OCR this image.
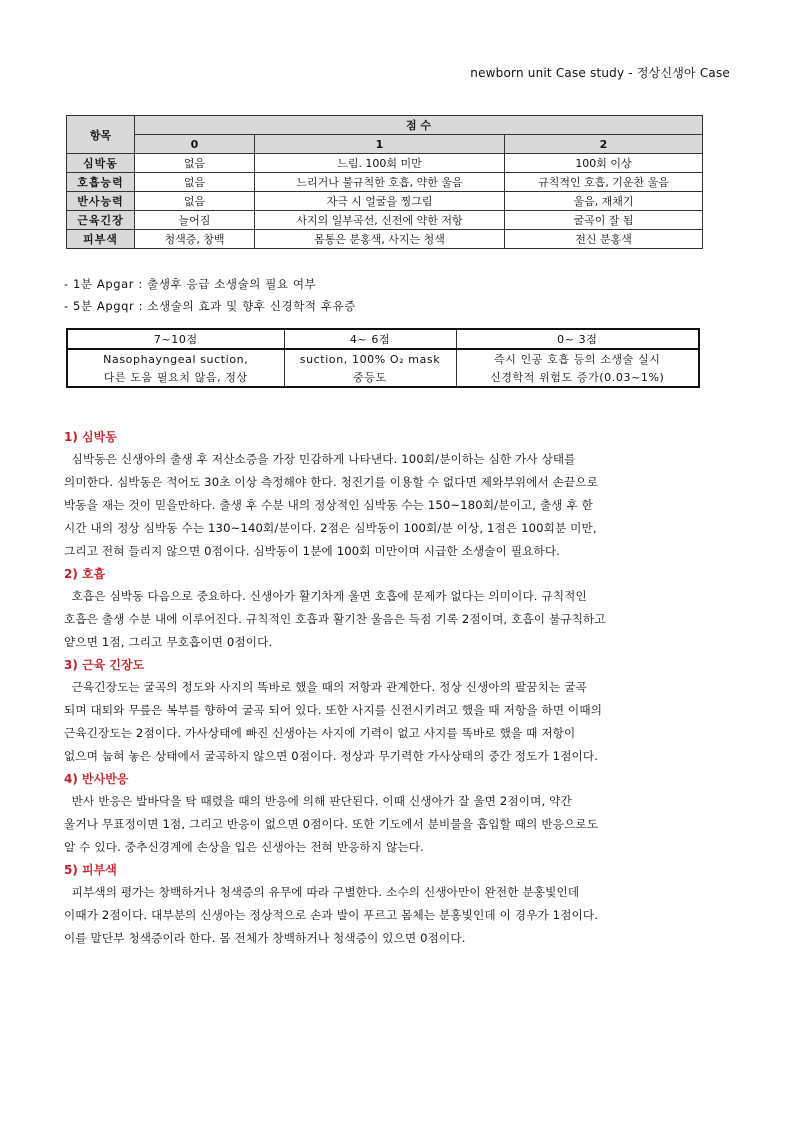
newborn unit Case study - 정상신생아 Case
항목	점 수		
	0	1	2
심박동	없음	느림. 100회 미만	100회 이상
호흡능력	없음	느리거나 불규칙한 호흡, 약한 울음	규칙적인 호흡, 기운찬 울음
반사능력	없음	자극 시 얼굴을 찡그림	울음, 재채기
근육긴장	늘어짐	사지의 일부곡선, 신전에 약한 저항	굴곡이 잘 됨
피부색	청색증, 창백	몸통은 분홍색, 사지는 청색	전신 분홍색
- 1분 Apgar : 출생후 응급 소생술의 필요 여부
- 5분 Apgqr : 소생술의 효과 및 향후 신경학적 후유증
7~10점	4~ 6점	0~ 3점
Nasophayngeal suction,	suction, 100% O₂ mask	즉시 인공 호흡 등의 소생술 실시
다른 도움 필요치 않음, 정상	중등도	신경학적 위험도 증가(0.03~1%)
1) 심박동

심박동은 신생아의 출생 후 저산소증을 가장 민감하게 나타낸다. 100회/분이하는 심한 가사 상태를
의미한다. 심박동은 적어도 30초 이상 측정해야 한다. 청진기를 이용할 수 없다면 제와부위에서 손끝으로
박동을 재는 것이 믿을만하다. 출생 후 수분 내의 정상적인 심박동 수는 150~180회/분이고, 출생 후 한
시간 내의 정상 심박동 수는 130~140회/분이다. 2점은 심박동이 100회/분 이상, 1점은 100회분 미만,
그리고 전혀 들리지 않으면 0점이다. 심박동이 1분에 100회 미만이며 시급한 소생술이 필요하다.

2) 호흡

호흡은 심박동 다음으로 중요하다. 신생아가 활기차게 울면 호흡에 문제가 없다는 의미이다. 규칙적인
호흡은 출생 수분 내에 이루어진다. 규칙적인 호흡과 활기찬 울음은 득점 기록 2점이며, 호흡이 불규칙하고
얕으면 1점, 그리고 무호흡이면 0점이다.

3) 근육 긴장도

근육긴장도는 굴곡의 정도와 사지의 똑바로 했을 때의 저항과 관계한다. 정상 신생아의 팔꿈치는 굴곡
되며 대퇴와 무릎은 복부를 향하여 굴곡 되어 있다. 또한 사지를 신전시키려고 했을 때 저항을 하면 이때의
근육긴장도는 2점이다. 가사상태에 빠진 신생아는 사지에 기력이 없고 사지를 똑바로 했을 때 저항이
없으며 눕혀 놓은 상태에서 굴곡하지 않으면 0점이다. 정상과 무기력한 가사상태의 중간 정도가 1점이다.

4) 반사반응

반사 반응은 발바닥을 탁 때렸을 때의 반응에 의해 판단된다. 이때 신생아가 잘 울면 2점이며, 약간
울거나 무표정이면 1점, 그리고 반응이 없으면 0점이다. 또한 기도에서 분비물을 흡입할 때의 반응으로도
알 수 있다. 중추신경계에 손상을 입은 신생아는 전혀 반응하지 않는다.

5) 피부색

피부색의 평가는 창백하거나 청색증의 유무에 따라 구별한다. 소수의 신생아만이 완전한 분홍빛인데
이때가 2점이다. 대부분의 신생아는 정상적으로 손과 발이 푸르고 몸체는 분홍빛인데 이 경우가 1점이다.
이를 말단부 청색증이라 한다. 몸 전체가 창백하거나 청색증이 있으면 0점이다.
